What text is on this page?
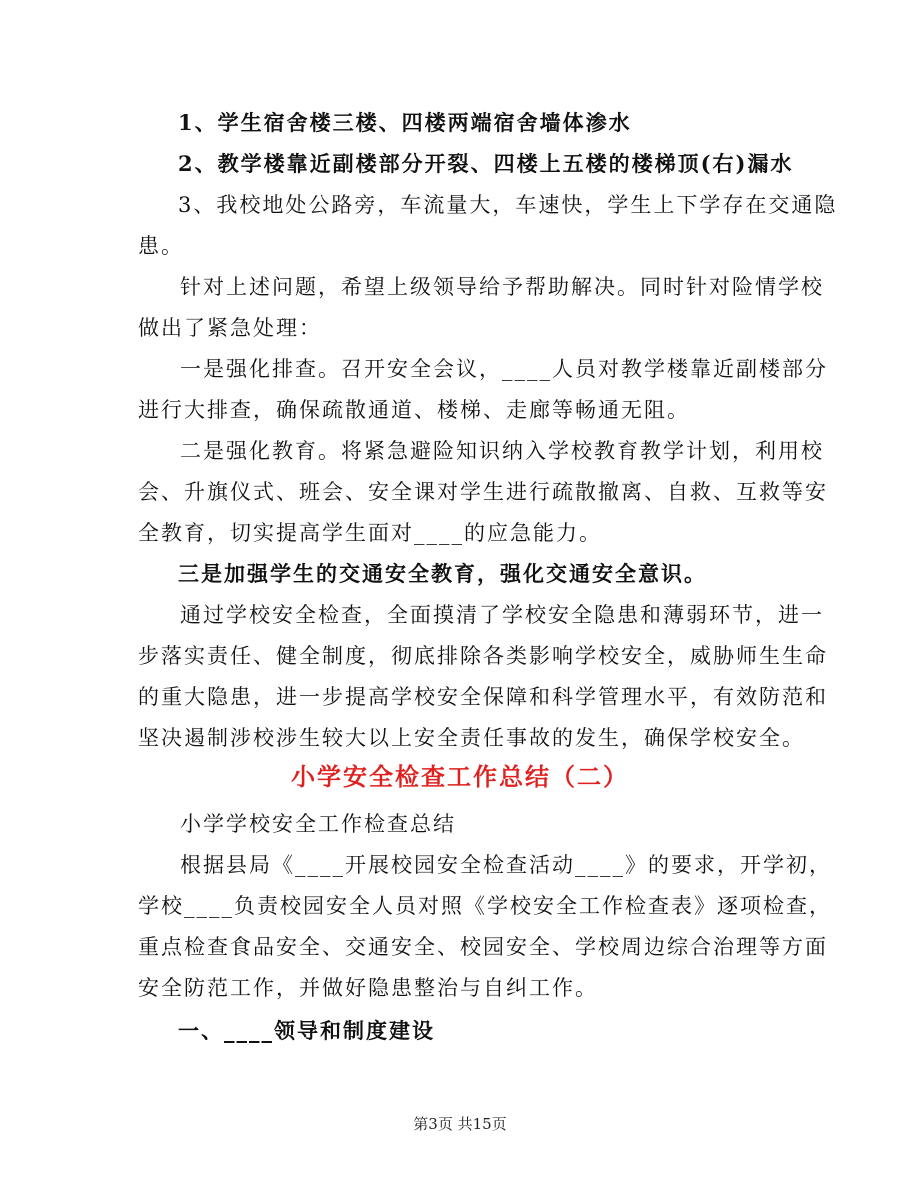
1、学生宿舍楼三楼、四楼两端宿舍墙体渗水
2、教学楼靠近副楼部分开裂、四楼上五楼的楼梯顶(右)漏水
3、我校地处公路旁，车流量大，车速快，学生上下学存在交通隐
患。
针对上述问题，希望上级领导给予帮助解决。同时针对险情学校
做出了紧急处理：
一是强化排查。召开安全会议，____人员对教学楼靠近副楼部分
进行大排查，确保疏散通道、楼梯、走廊等畅通无阻。
二是强化教育。将紧急避险知识纳入学校教育教学计划，利用校
会、升旗仪式、班会、安全课对学生进行疏散撤离、自救、互救等安
全教育，切实提高学生面对____的应急能力。
三是加强学生的交通安全教育，强化交通安全意识。
通过学校安全检查，全面摸清了学校安全隐患和薄弱环节，进一
步落实责任、健全制度，彻底排除各类影响学校安全，威胁师生生命
的重大隐患，进一步提高学校安全保障和科学管理水平，有效防范和
坚决遏制涉校涉生较大以上安全责任事故的发生，确保学校安全。
小学安全检查工作总结（二）
小学学校安全工作检查总结
根据县局《____开展校园安全检查活动____》的要求，开学初，
学校____负责校园安全人员对照《学校安全工作检查表》逐项检查，
重点检查食品安全、交通安全、校园安全、学校周边综合治理等方面
安全防范工作，并做好隐患整治与自纠工作。
一、____领导和制度建设
第3页 共15页
